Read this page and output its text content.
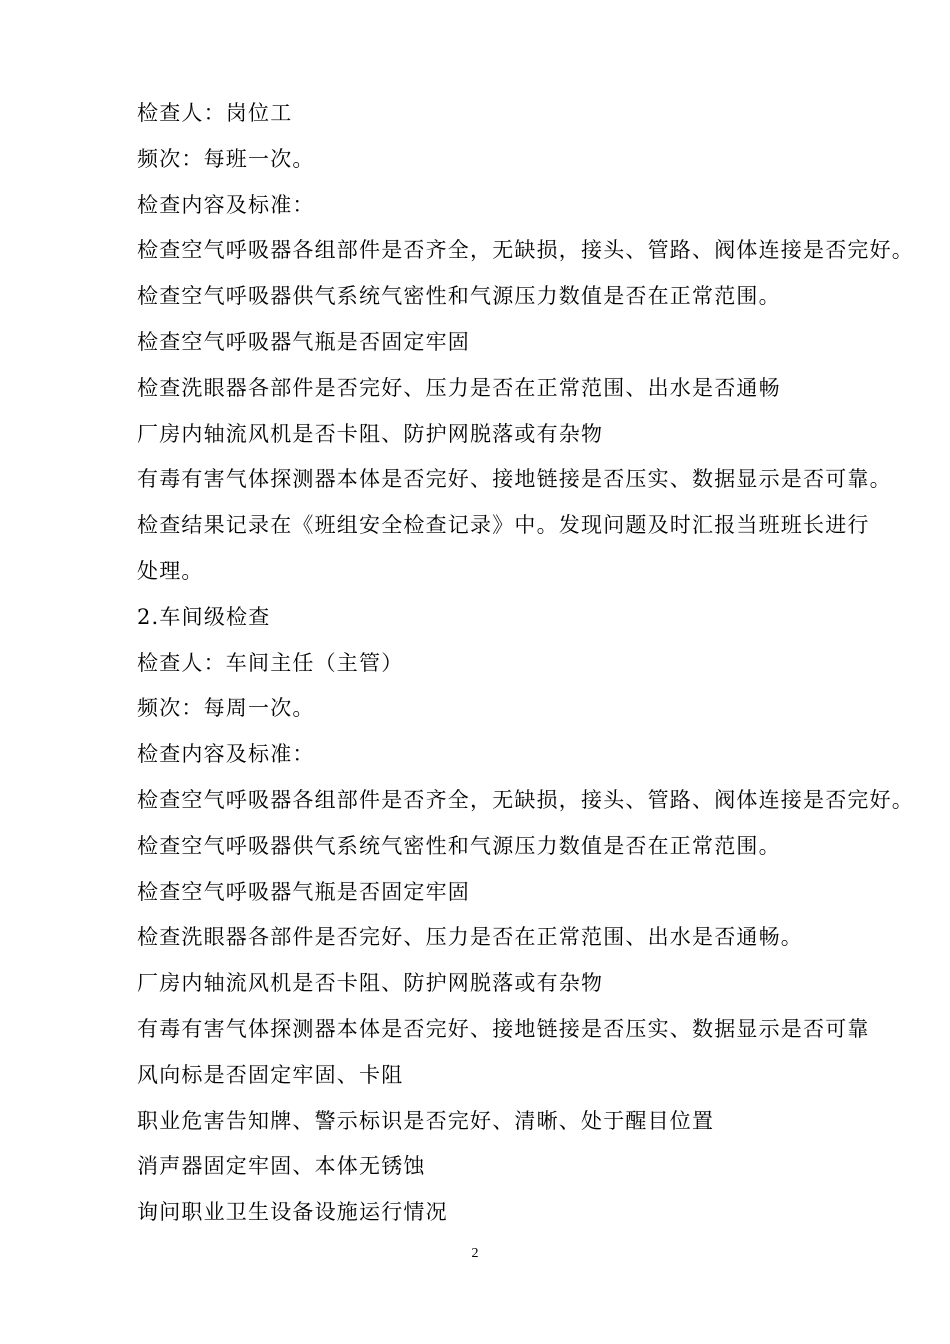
检查人：岗位工
频次：每班一次。
检查内容及标准：
检查空气呼吸器各组部件是否齐全，无缺损，接头、管路、阀体连接是否完好。
检查空气呼吸器供气系统气密性和气源压力数值是否在正常范围。
检查空气呼吸器气瓶是否固定牢固
检查洗眼器各部件是否完好、压力是否在正常范围、出水是否通畅
厂房内轴流风机是否卡阻、防护网脱落或有杂物
有毒有害气体探测器本体是否完好、接地链接是否压实、数据显示是否可靠。
检查结果记录在《班组安全检查记录》中。发现问题及时汇报当班班长进行
处理。
2.车间级检查
检查人：车间主任（主管）
频次：每周一次。
检查内容及标准：
检查空气呼吸器各组部件是否齐全，无缺损，接头、管路、阀体连接是否完好。
检查空气呼吸器供气系统气密性和气源压力数值是否在正常范围。
检查空气呼吸器气瓶是否固定牢固
检查洗眼器各部件是否完好、压力是否在正常范围、出水是否通畅。
厂房内轴流风机是否卡阻、防护网脱落或有杂物
有毒有害气体探测器本体是否完好、接地链接是否压实、数据显示是否可靠
风向标是否固定牢固、卡阻
职业危害告知牌、警示标识是否完好、清晰、处于醒目位置
消声器固定牢固、本体无锈蚀
询问职业卫生设备设施运行情况
2
